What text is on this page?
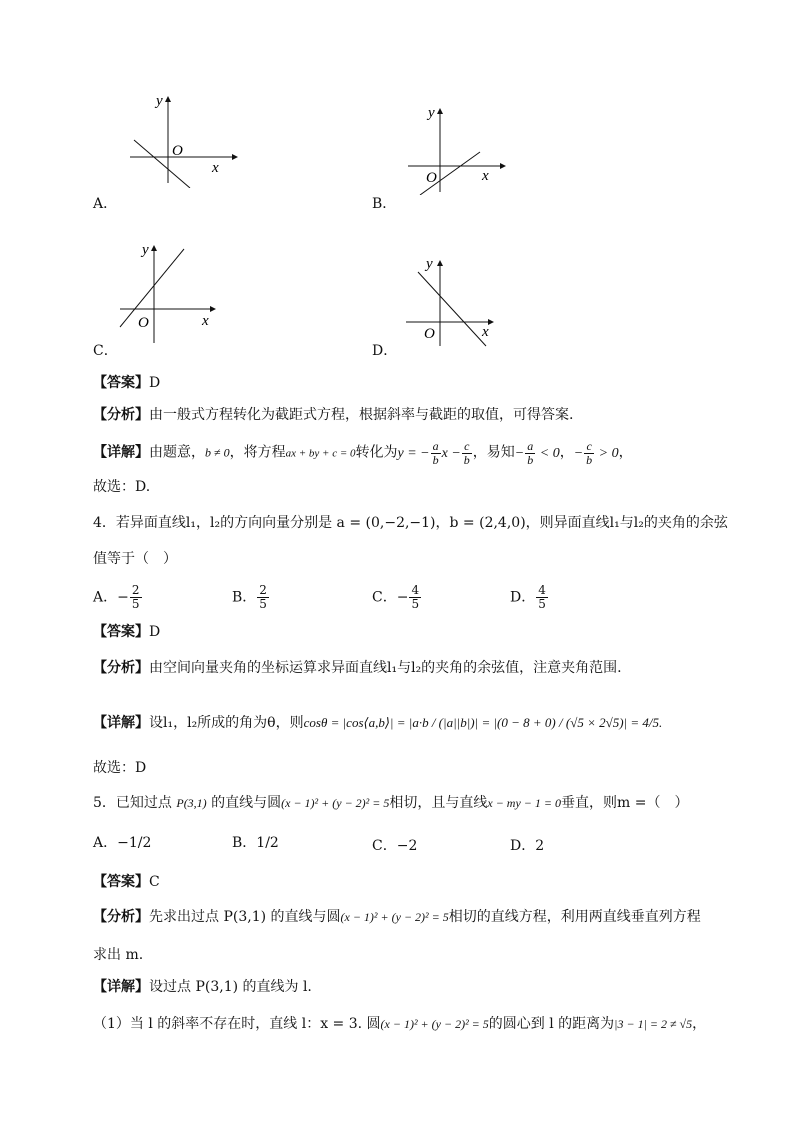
y
O
x
A．
y
O	x
B．
y
O	x
C．
y
O	x
D．
【答案】D
【分析】由一般式方程转化为截距式方程，根据斜率与截距的取值，可得答案.
【详解】由题意，b ≠ 0，将方程ax + by + c = 0转化为y = − $\frac{a}{b}$ $x - \frac{c}{b}$ ，易知− $\frac{a}{b} < 0$，− $\frac{c}{b} > 0$，
故选：D.
4．若异面直线l₁，l₂的方向向量分别是 a = (0,−2,−1)，b = (2,4,0)，则异面直线l₁与l₂的夹角的余弦
值等于（　）
A．− $\frac{2}{5}$	B． $\frac{2}{5}$	C．− $\frac{4}{5}$	D． $\frac{4}{5}$
【答案】D
【分析】由空间向量夹角的坐标运算求异面直线l₁与l₂的夹角的余弦值，注意夹角范围.
【详解】设l₁，l₂所成的角为θ，则cosθ = |cos⟨a,b⟩| = |a·b / (|a||b|)| = |(0 − 8 + 0) / (√5 × 2√5)| = 4/5.
故选：D
5．已知过点 P(3,1) 的直线与圆(x − 1)² + (y − 2)² = 5相切，且与直线x − my − 1 = 0垂直，则m =（　）
A．−1/2	B．1/2	C．−2	D．2
【答案】C
【分析】先求出过点 P(3,1) 的直线与圆(x − 1)² + (y − 2)² = 5相切的直线方程，利用两直线垂直列方程
求出 m.
【详解】设过点 P(3,1) 的直线为 l.
（1）当 l 的斜率不存在时，直线 l：x = 3. 圆(x − 1)² + (y − 2)² = 5的圆心到 l 的距离为|3 − 1| = 2 ≠ √5，
